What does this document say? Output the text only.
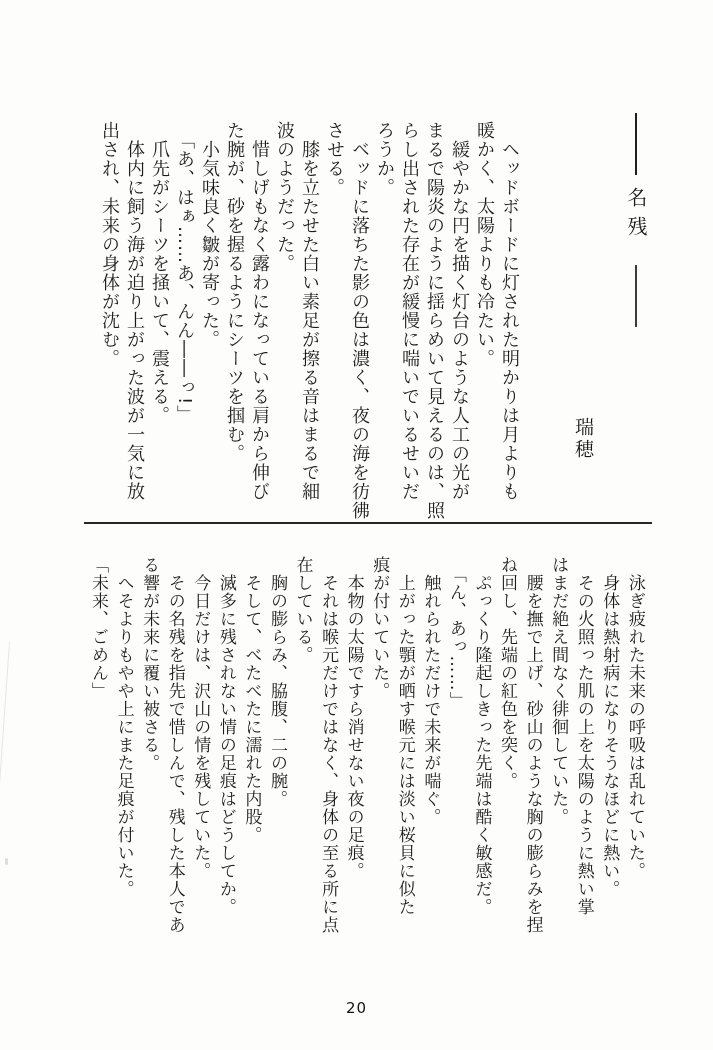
名残
瑞穂
　ヘッドボードに灯された明かりは月よりも
暖かく、太陽よりも冷たい。
　緩やかな円を描く灯台のような人工の光が
まるで陽炎のように揺らめいて見えるのは、照
らし出された存在が緩慢に喘いでいるせいだ
ろうか。
　ベッドに落ちた影の色は濃く、夜の海を彷彿
させる。
　膝を立たせた白い素足が擦る音はまるで細
波のようだった。
　惜しげもなく露わになっている肩から伸び
た腕が、砂を握るようにシーツを掴む。
　小気味良く皺が寄った。
　「あ、はぁ……あ、んん――っ!」
　爪先がシーツを掻いて、震える。
　体内に飼う海が迫り上がった波が一気に放
出され、未来の身体が沈む。
　泳ぎ疲れた未来の呼吸は乱れていた。
　身体は熱射病になりそうなほどに熱い。
　その火照った肌の上を太陽のように熱い掌
はまだ絶え間なく徘徊していた。
　腰を撫で上げ、砂山のような胸の膨らみを捏
ね回し、先端の紅色を突く。
　ぷっくり隆起しきった先端は酷く敏感だ。
　「ん、あっ……」
　触れられただけで未来が喘ぐ。
　上がった顎が晒す喉元には淡い桜貝に似た
痕が付いていた。
　本物の太陽ですら消せない夜の足痕。
　それは喉元だけではなく、身体の至る所に点
在している。
　胸の膨らみ、脇腹、二の腕。
　そして、べたべたに濡れた内股。
　滅多に残されない情の足痕はどうしてか。
　今日だけは、沢山の情を残していた。
　その名残を指先で惜しんで、残した本人であ
る響が未来に覆い被さる。
　へそよりもやや上にまた足痕が付いた。
「未来、ごめん」
20
